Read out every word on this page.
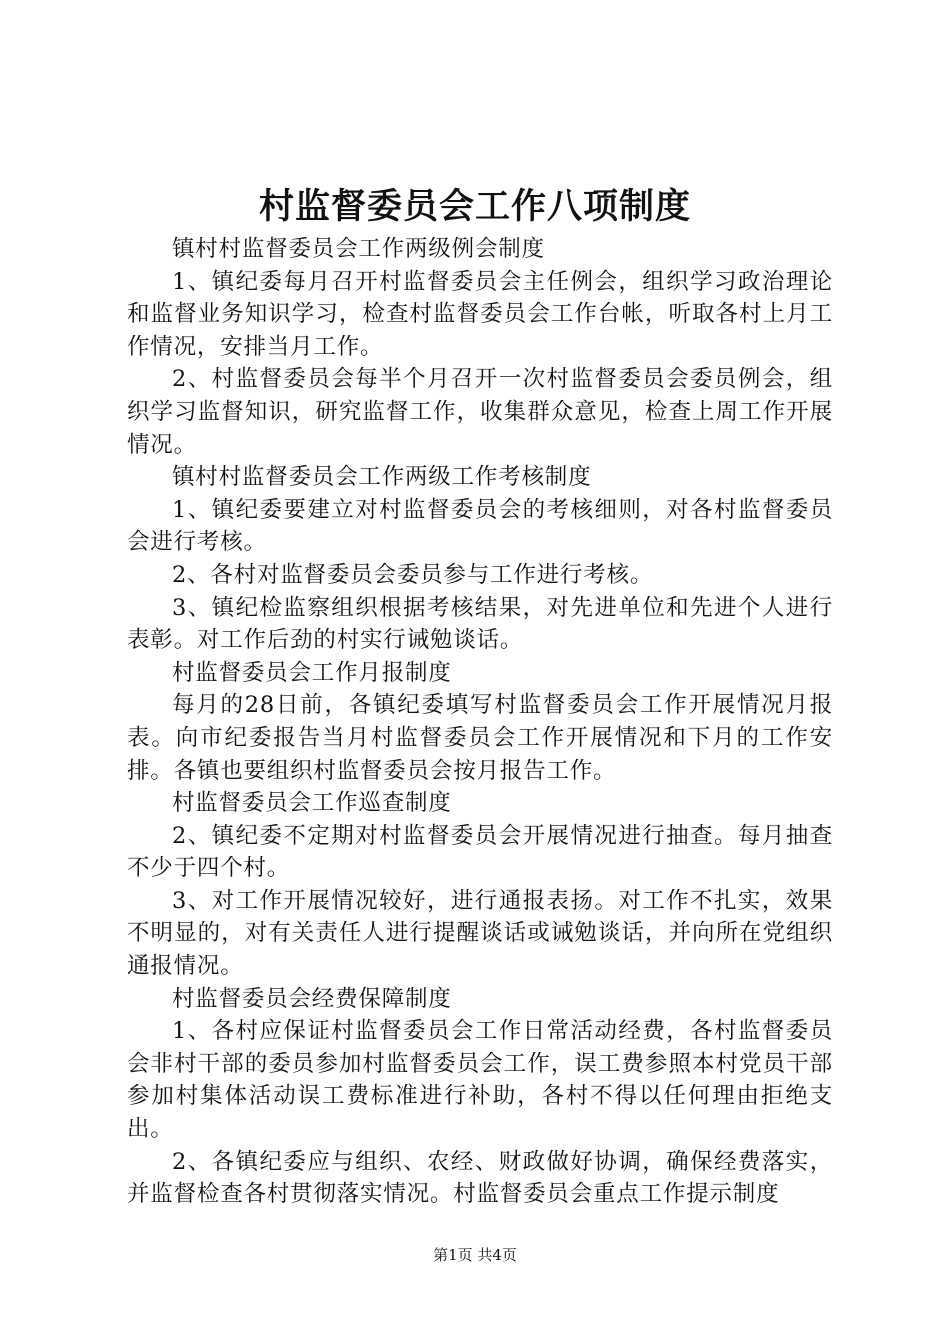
村监督委员会工作八项制度

镇村村监督委员会工作两级例会制度

1、镇纪委每月召开村监督委员会主任例会，组织学习政治理论和监督业务知识学习，检查村监督委员会工作台帐，听取各村上月工作情况，安排当月工作。

2、村监督委员会每半个月召开一次村监督委员会委员例会，组织学习监督知识，研究监督工作，收集群众意见，检查上周工作开展情况。

镇村村监督委员会工作两级工作考核制度

1、镇纪委要建立对村监督委员会的考核细则，对各村监督委员会进行考核。

2、各村对监督委员会委员参与工作进行考核。

3、镇纪检监察组织根据考核结果，对先进单位和先进个人进行表彰。对工作后劲的村实行诫勉谈话。

村监督委员会工作月报制度

每月的28日前，各镇纪委填写村监督委员会工作开展情况月报表。向市纪委报告当月村监督委员会工作开展情况和下月的工作安排。各镇也要组织村监督委员会按月报告工作。

村监督委员会工作巡查制度

2、镇纪委不定期对村监督委员会开展情况进行抽查。每月抽查不少于四个村。

3、对工作开展情况较好，进行通报表扬。对工作不扎实，效果不明显的，对有关责任人进行提醒谈话或诫勉谈话，并向所在党组织通报情况。

村监督委员会经费保障制度

1、各村应保证村监督委员会工作日常活动经费，各村监督委员会非村干部的委员参加村监督委员会工作，误工费参照本村党员干部参加村集体活动误工费标准进行补助，各村不得以任何理由拒绝支出。

2、各镇纪委应与组织、农经、财政做好协调，确保经费落实，并监督检查各村贯彻落实情况。村监督委员会重点工作提示制度

第1页 共4页
